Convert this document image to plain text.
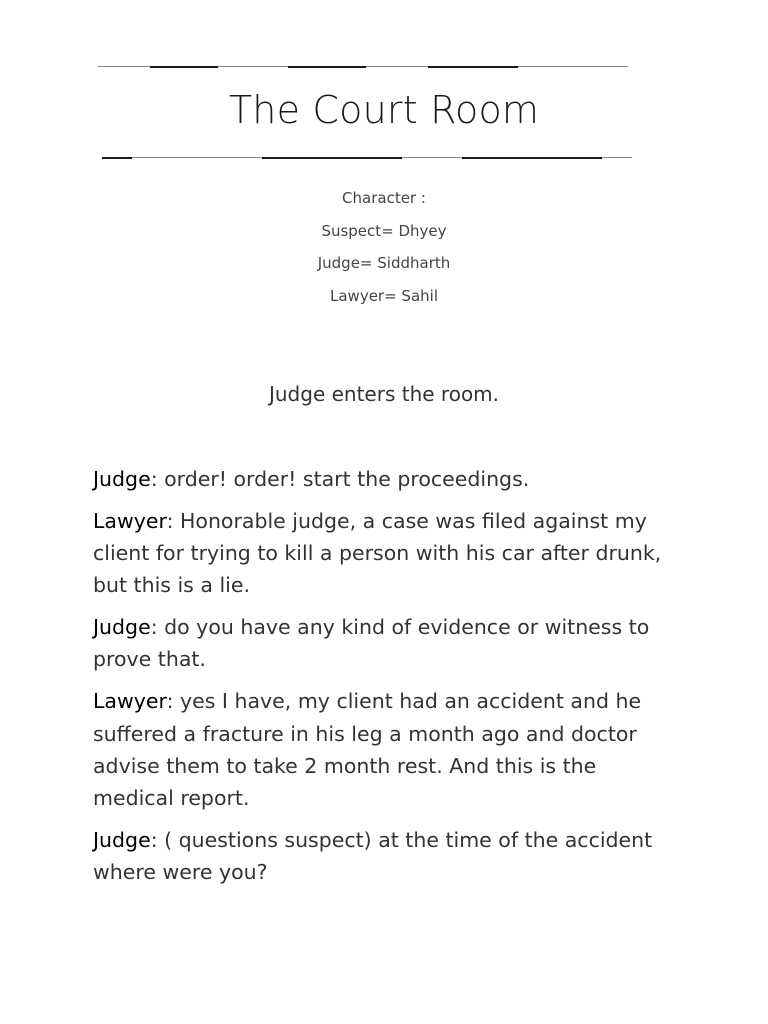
The Court Room
Character :
Suspect= Dhyey
Judge= Siddharth
Lawyer= Sahil
Judge enters the room.

Judge: order! order! start the proceedings.

Lawyer: Honorable judge, a case was filed against my client for trying to kill a person with his car after drunk, but this is a lie.

Judge: do you have any kind of evidence or witness to prove that.

Lawyer: yes I have, my client had an accident and he suffered a fracture in his leg a month ago and doctor advise them to take 2 month rest. And this is the medical report.

Judge: ( questions suspect) at the time of the accident where were you?
